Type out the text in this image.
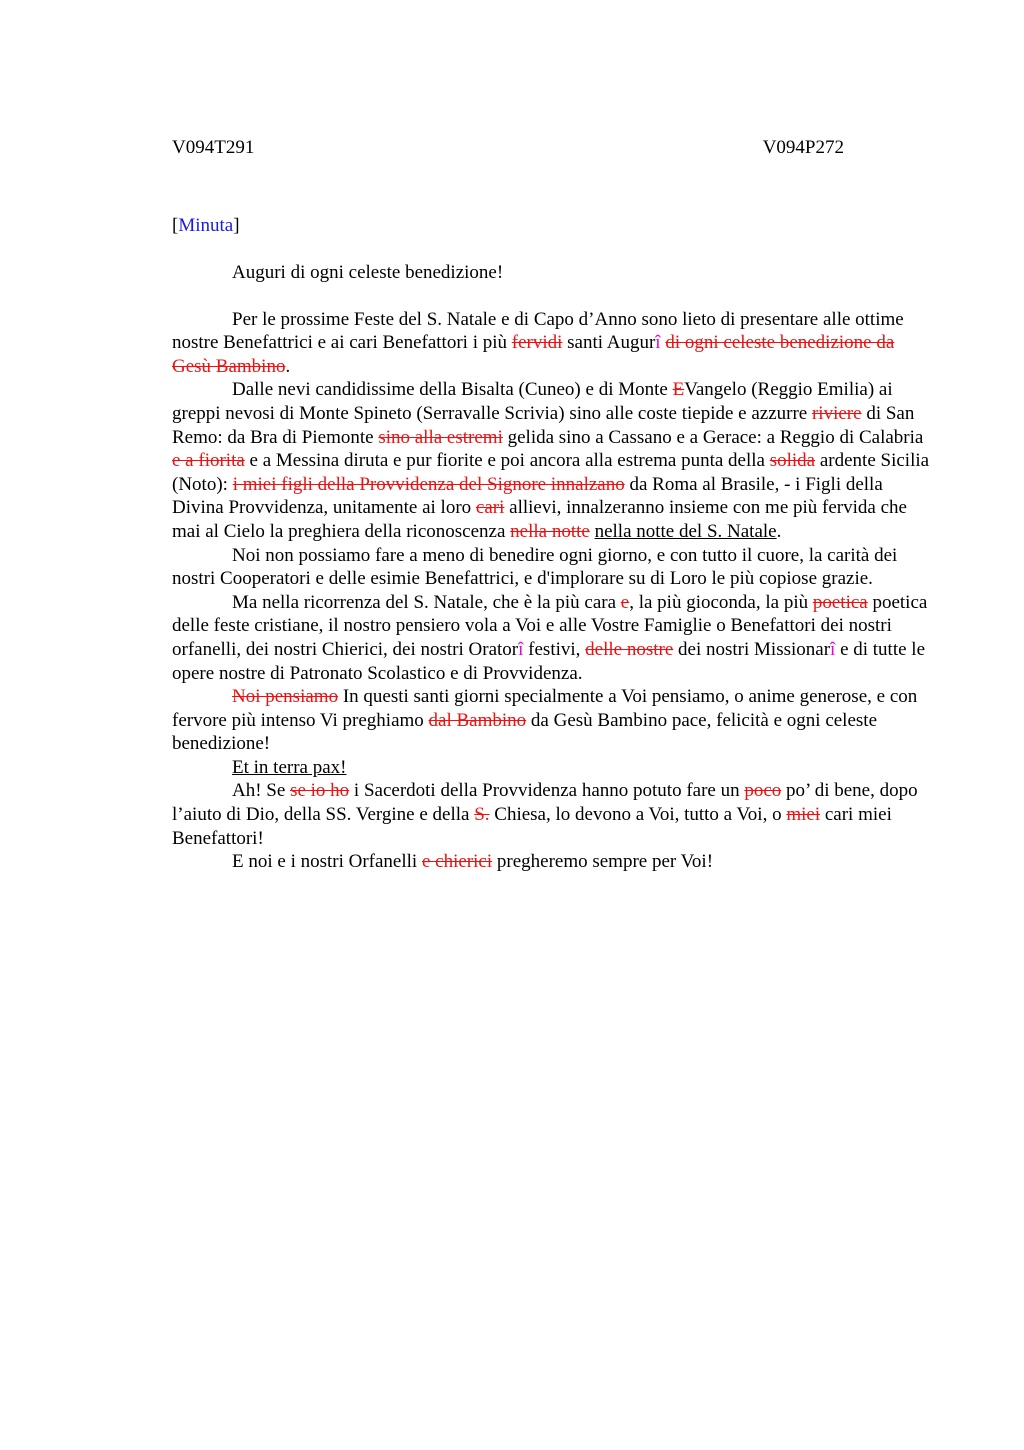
V094T291	V094P272
[Minuta]
Auguri di ogni celeste benedizione!

Per le prossime Feste del S. Natale e di Capo d’Anno sono lieto di presentare alle ottime nostre Benefattrici e ai cari Benefattori i più fervidi santi Augurî di ogni celeste benedizione da Gesù Bambino.

Dalle nevi candidissime della Bisalta (Cuneo) e di Monte EVangelo (Reggio Emilia) ai greppi nevosi di Monte Spineto (Serravalle Scrivia) sino alle coste tiepide e azzurre riviere di San Remo: da Bra di Piemonte sino alla estremi gelida sino a Cassano e a Gerace: a Reggio di Calabria e a fiorita e a Messina diruta e pur fiorite e poi ancora alla estrema punta della solida ardente Sicilia (Noto): i miei figli della Provvidenza del Signore innalzano da Roma al Brasile, - i Figli della Divina Provvidenza, unitamente ai loro cari allievi, innalzeranno insieme con me più fervida che mai al Cielo la preghiera della riconoscenza nella notte nella notte del S. Natale.

Noi non possiamo fare a meno di benedire ogni giorno, e con tutto il cuore, la carità dei nostri Cooperatori e delle esimie Benefattrici, e d'implorare su di Loro le più copiose grazie.

Ma nella ricorrenza del S. Natale, che è la più cara e, la più gioconda, la più poetica poetica delle feste cristiane, il nostro pensiero vola a Voi e alle Vostre Famiglie o Benefattori dei nostri orfanelli, dei nostri Chierici, dei nostri Oratorî festivi, delle nostre dei nostri Missionarî e di tutte le opere nostre di Patronato Scolastico e di Provvidenza.

Noi pensiamo In questi santi giorni specialmente a Voi pensiamo, o anime generose, e con fervore più intenso Vi preghiamo dal Bambino da Gesù Bambino pace, felicità e ogni celeste benedizione!

Et in terra pax!

Ah! Se se io ho i Sacerdoti della Provvidenza hanno potuto fare un poco po’ di bene, dopo l’aiuto di Dio, della SS. Vergine e della S. Chiesa, lo devono a Voi, tutto a Voi, o miei cari miei Benefattori!

E noi e i nostri Orfanelli e chierici pregheremo sempre per Voi!
